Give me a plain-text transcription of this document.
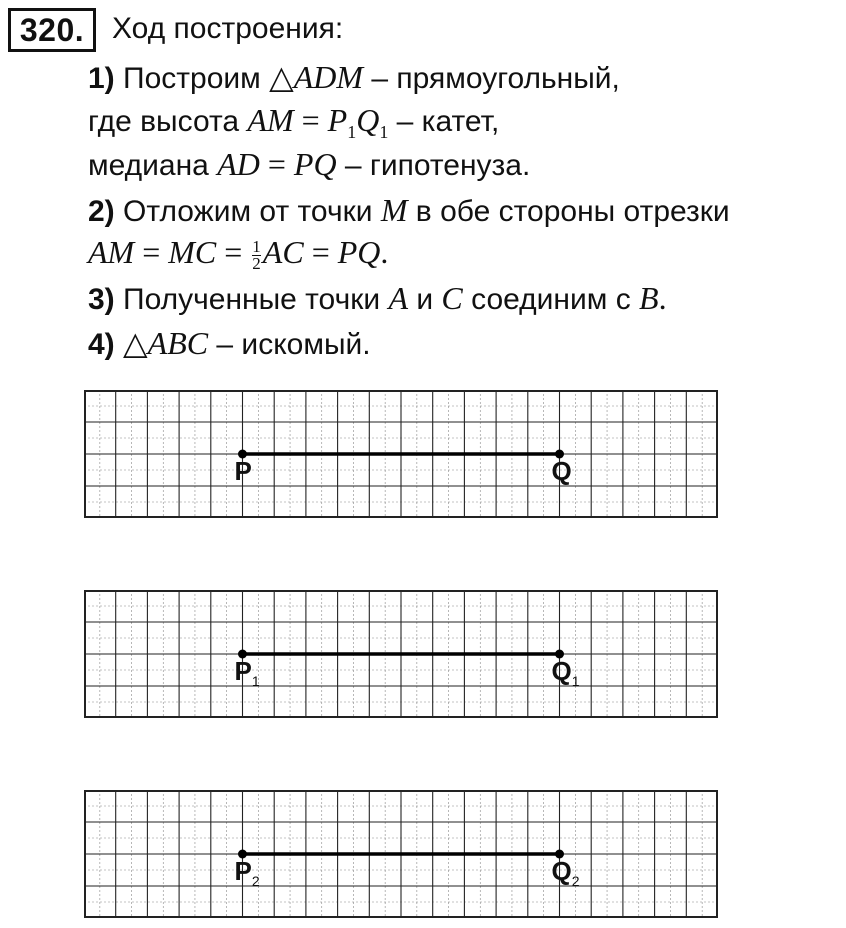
320. Ход построения:
1) Построим △ADM – прямоугольный,
где высота AM = $P_1Q_1$ – катет,
медиана AD = PQ – гипотенуза.
2) Отложим от точки M в обе стороны отрезки
AM = MC = $\frac{1}{2}$ AC = PQ.
3) Полученные точки A и C соединим с B.
4) △ABC – искомый.
P	Q
$P_1$	$Q_1$
$P_2$	$Q_2$
